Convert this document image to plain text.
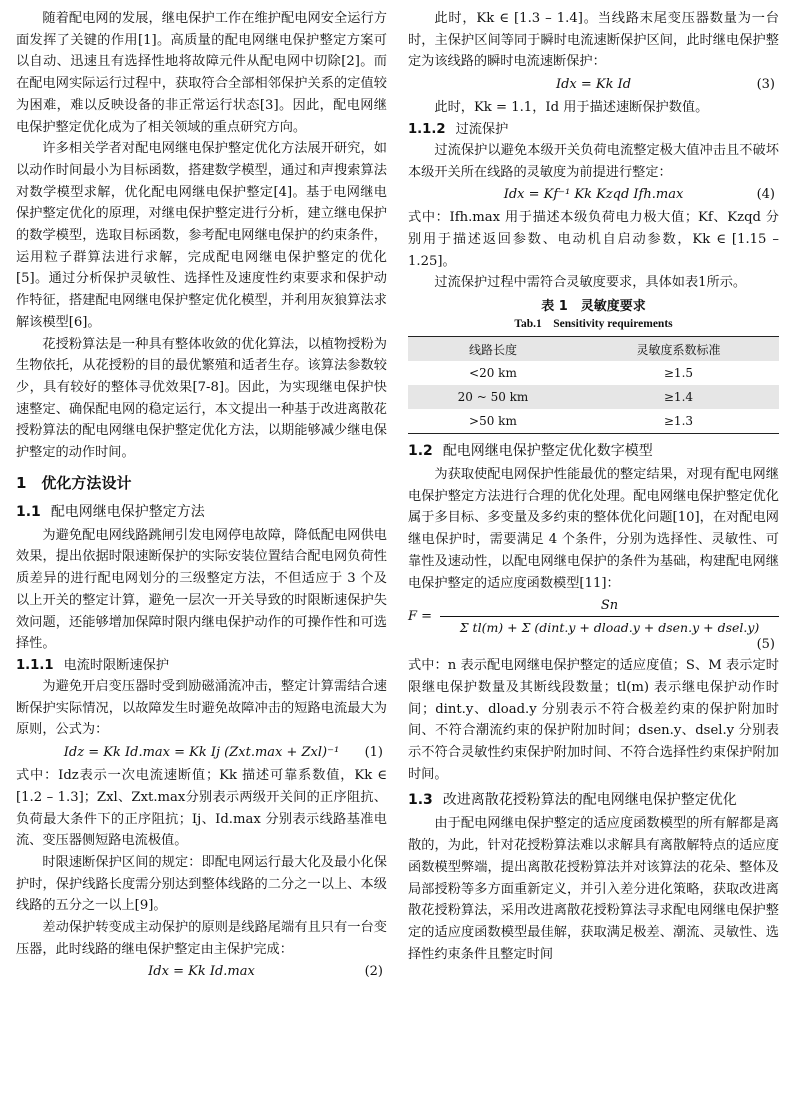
随着配电网的发展，继电保护工作在维护配电网安全运行方面发挥了关键的作用[1]。高质量的配电网继电保护整定方案可以自动、迅速且有选择性地将故障元件从配电网中切除[2]。而在配电网实际运行过程中，获取符合全部相邻保护关系的定值较为困难，难以反映设备的非正常运行状态[3]。因此，配电网继电保护整定优化成为了相关领域的重点研究方向。

许多相关学者对配电网继电保护整定优化方法展开研究，如以动作时间最小为目标函数，搭建数学模型，通过和声搜索算法对数学模型求解，优化配电网继电保护整定[4]。基于电网继电保护整定优化的原理，对继电保护整定进行分析，建立继电保护的数学模型，选取目标函数，参考配电网继电保护的约束条件，运用粒子群算法进行求解，完成配电网继电保护整定的优化[5]。通过分析保护灵敏性、选择性及速度性约束要求和保护动作特征，搭建配电网继电保护整定优化模型，并利用灰狼算法求解该模型[6]。

花授粉算法是一种具有整体收敛的优化算法，以植物授粉为生物依托，从花授粉的目的最优繁殖和适者生存。该算法参数较少，具有较好的整体寻优效果[7-8]。因此，为实现继电保护快速整定、确保配电网的稳定运行，本文提出一种基于改进离散花授粉算法的配电网继电保护整定优化方法，以期能够减少继电保护整定的动作时间。

1　优化方法设计
1.1 配电网继电保护整定方法

为避免配电网线路跳闸引发电网停电故障，降低配电网供电效果，提出依据时限速断保护的实际安装位置结合配电网负荷性质差异的进行配电网划分的三级整定方法，不但适应于 3 个及以上开关的整定计算，避免一层次一开关导致的时限断速保护失效问题，还能够增加保障时限内继电保护动作的可操作性和可选择性。

1.1.1 电流时限断速保护

为避免开启变压器时受到励磁涌流冲击，整定计算需结合速断保护实际情况，以故障发生时避免故障冲击的短路电流最大为原则，公式为：

Idz = Kk Id.max = Kk Ij (Zxt.max + Zxl)⁻¹ (1)

式中：Idz表示一次电流速断值；Kk 描述可靠系数值，Kk ∈ [1.2 – 1.3]；Zxl、Zxt.max分别表示两级开关间的正序阻抗、负荷最大条件下的正序阻抗；Ij、Id.max 分别表示线路基准电流、变压器侧短路电流极值。

时限速断保护区间的规定：即配电网运行最大化及最小化保护时，保护线路长度需分别达到整体线路的二分之一以上、本级线路的五分之一以上[9]。

差动保护转变成主动保护的原则是线路尾端有且只有一台变压器，此时线路的继电保护整定由主保护完成：

Idx = Kk Id.max	(2)

此时，Kk ∈ [1.3 – 1.4]。当线路末尾变压器数量为一台时，主保护区间等同于瞬时电流速断保护区间，此时继电保护整定为该线路的瞬时电流速断保护：

Idx = Kk Id	(3)

此时，Kk = 1.1，Id 用于描述速断保护数值。

1.1.2 过流保护

过流保护以避免本级开关负荷电流整定极大值冲击且不破坏本级开关所在线路的灵敏度为前提进行整定：

Idx = Kf⁻¹ Kk Kzqd Ifh.max	(4)

式中：Ifh.max 用于描述本级负荷电力极大值；Kf、Kzqd 分别用于描述返回参数、电动机自启动参数，Kk ∈ [1.15 – 1.25]。

过流保护过程中需符合灵敏度要求，具体如表1所示。

表 1　灵敏度要求
Tab.1　Sensitivity requirements
线路长度	灵敏度系数标准
<20 km	≥1.5
20 ~ 50 km	≥1.4
>50 km	≥1.3
1.2 配电网继电保护整定优化数字模型

为获取使配电网保护性能最优的整定结果，对现有配电网继电保护整定方法进行合理的优化处理。配电网继电保护整定优化属于多目标、多变量及多约束的整体优化问题[10]，在对配电网继电保护时，需要满足 4 个条件，分别为选择性、灵敏性、可靠性及速动性，以配电网继电保护的条件为基础，构建配电网继电保护整定的适应度函数模型[11]：

$F = \frac{Sn}{\text{Σ tl(m) + Σ (dint.y + dload.y + dsen.y + dsel.y)}}$
(5)

式中：n 表示配电网继电保护整定的适应度值；S、M 表示定时限继电保护数量及其断线段数量；tl(m) 表示继电保护动作时间；dint.y、dload.y 分别表示不符合极差约束的保护附加时间、不符合潮流约束的保护附加时间；dsen.y、dsel.y 分别表示不符合灵敏性约束保护附加时间、不符合选择性约束保护附加时间。

1.3 改进离散花授粉算法的配电网继电保护整定优化

由于配电网继电保护整定的适应度函数模型的所有解都是离散的，为此，针对花授粉算法难以求解具有离散解特点的适应度函数模型弊端，提出离散花授粉算法并对该算法的花朵、整体及局部授粉等多方面重新定义，并引入差分进化策略，获取改进离散花授粉算法，采用改进离散花授粉算法寻求配电网继电保护整定的适应度函数模型最佳解，获取满足极差、潮流、灵敏性、选择性约束条件且整定时间
